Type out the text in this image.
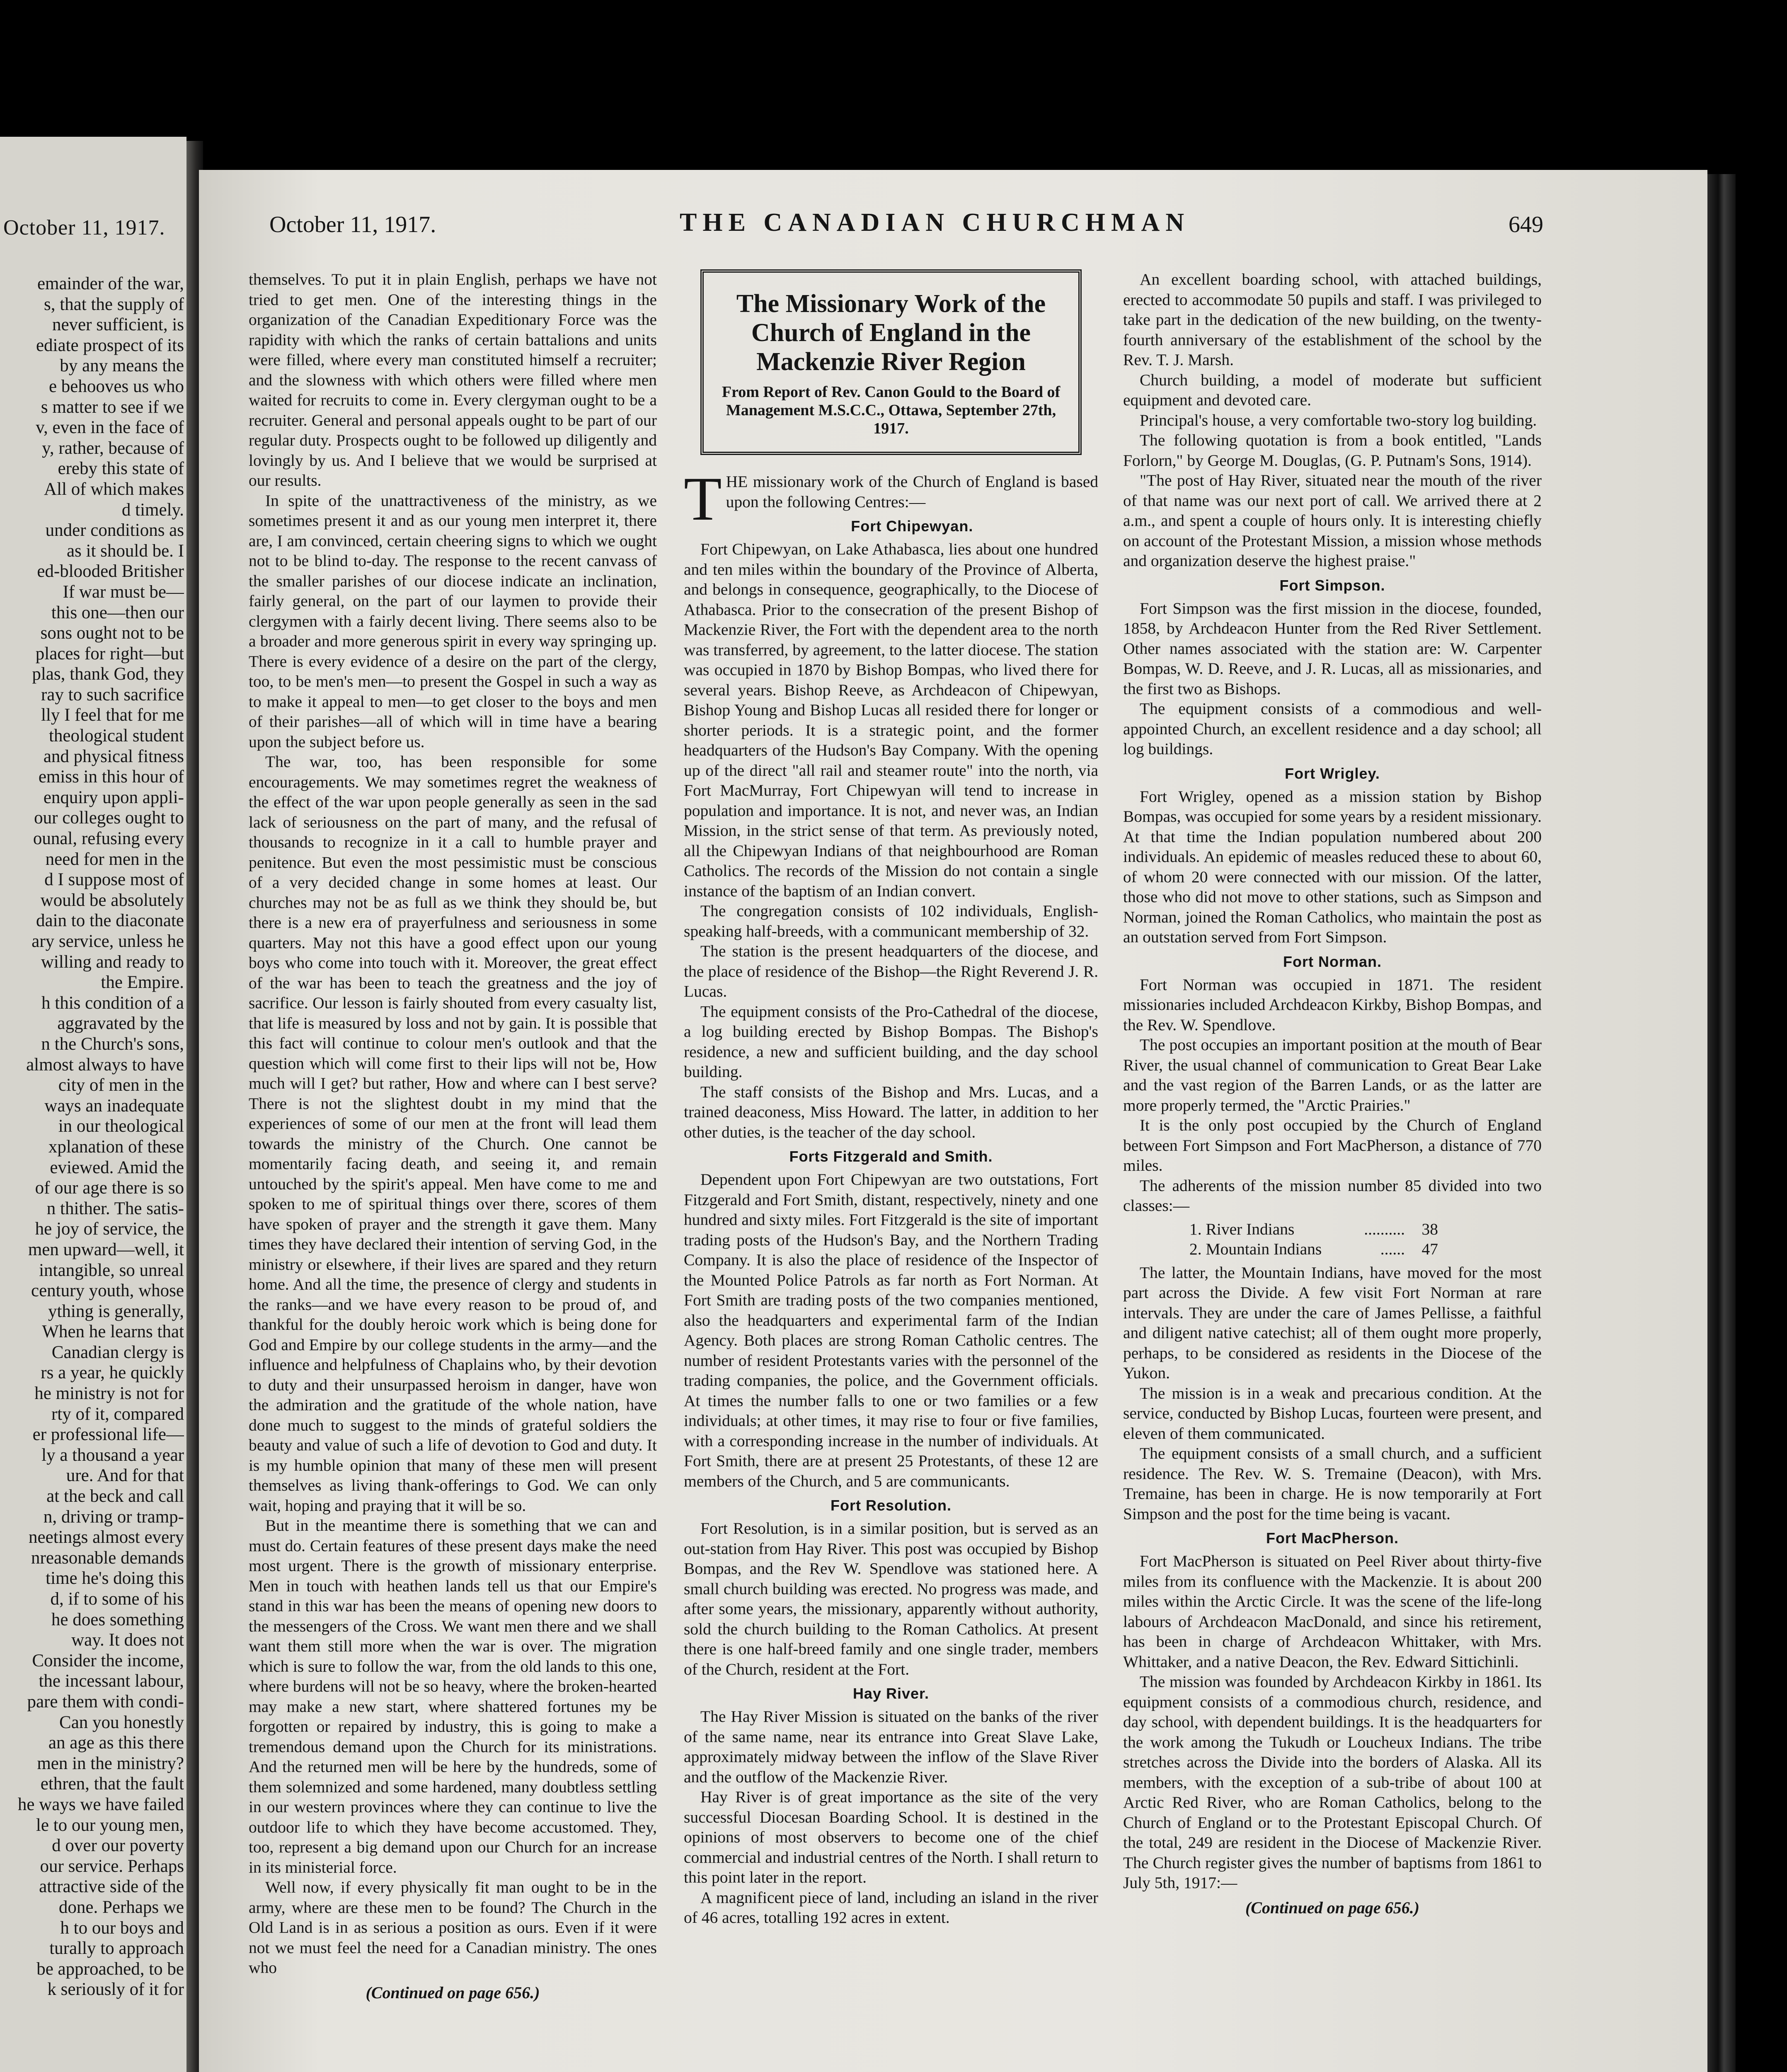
October 11, 1917.
emainder of the war,
s, that the supply of
never sufficient, is
ediate prospect of its
by any means the
e behooves us who
s matter to see if we
v, even in the face of
y, rather, because of
ereby this state of
All of which makes
d timely.
under conditions as
as it should be. I
ed-blooded Britisher
If war must be—
this one—then our
sons ought not to be
places for right—but
plas, thank God, they
ray to such sacrifice
lly I feel that for me
theological student
and physical fitness
emiss in this hour of
enquiry upon appli-
our colleges ought to
ounal, refusing every
need for men in the
d I suppose most of
would be absolutely
dain to the diaconate
ary service, unless he
willing and ready to
the Empire.
h this condition of a
aggravated by the
n the Church's sons,
almost always to have
city of men in the
ways an inadequate
in our theological
xplanation of these
eviewed. Amid the
of our age there is so
n thither. The satis-
he joy of service, the
men upward—well, it
intangible, so unreal
century youth, whose
ything is generally,
When he learns that
Canadian clergy is
rs a year, he quickly
he ministry is not for
rty of it, compared
er professional life—
ly a thousand a year
ure. And for that
at the beck and call
n, driving or tramp-
neetings almost every
nreasonable demands
time he's doing this
d, if to some of his
he does something
way. It does not
Consider the income,
the incessant labour,
pare them with condi-
Can you honestly
an age as this there
men in the ministry?
ethren, that the fault
he ways we have failed
le to our young men,
d over our poverty
our service. Perhaps
attractive side of the
done. Perhaps we
h to our boys and
turally to approach
be approached, to be
k seriously of it for
October 11, 1917.	THE CANADIAN CHURCHMAN	649

themselves. To put it in plain English, perhaps we have not tried to get men. One of the interesting things in the organization of the Canadian Expeditionary Force was the rapidity with which the ranks of certain battalions and units were filled, where every man constituted himself a recruiter; and the slowness with which others were filled where men waited for recruits to come in. Every clergyman ought to be a recruiter. General and personal appeals ought to be part of our regular duty. Prospects ought to be followed up diligently and lovingly by us. And I believe that we would be surprised at our results.

In spite of the unattractiveness of the ministry, as we sometimes present it and as our young men interpret it, there are, I am convinced, certain cheering signs to which we ought not to be blind to-day. The response to the recent canvass of the smaller parishes of our diocese indicate an inclination, fairly general, on the part of our laymen to provide their clergymen with a fairly decent living. There seems also to be a broader and more generous spirit in every way springing up. There is every evidence of a desire on the part of the clergy, too, to be men's men—to present the Gospel in such a way as to make it appeal to men—to get closer to the boys and men of their parishes—all of which will in time have a bearing upon the subject before us.

The war, too, has been responsible for some encouragements. We may sometimes regret the weakness of the effect of the war upon people generally as seen in the sad lack of seriousness on the part of many, and the refusal of thousands to recognize in it a call to humble prayer and penitence. But even the most pessimistic must be conscious of a very decided change in some homes at least. Our churches may not be as full as we think they should be, but there is a new era of prayerfulness and seriousness in some quarters. May not this have a good effect upon our young boys who come into touch with it. Moreover, the great effect of the war has been to teach the greatness and the joy of sacrifice. Our lesson is fairly shouted from every casualty list, that life is measured by loss and not by gain. It is possible that this fact will continue to colour men's outlook and that the question which will come first to their lips will not be, How much will I get? but rather, How and where can I best serve? There is not the slightest doubt in my mind that the experiences of some of our men at the front will lead them towards the ministry of the Church. One cannot be momentarily facing death, and seeing it, and remain untouched by the spirit's appeal. Men have come to me and spoken to me of spiritual things over there, scores of them have spoken of prayer and the strength it gave them. Many times they have declared their intention of serving God, in the ministry or elsewhere, if their lives are spared and they return home. And all the time, the presence of clergy and students in the ranks—and we have every reason to be proud of, and thankful for the doubly heroic work which is being done for God and Empire by our college students in the army—and the influence and helpfulness of Chaplains who, by their devotion to duty and their unsurpassed heroism in danger, have won the admiration and the gratitude of the whole nation, have done much to suggest to the minds of grateful soldiers the beauty and value of such a life of devotion to God and duty. It is my humble opinion that many of these men will present themselves as living thank-offerings to God. We can only wait, hoping and praying that it will be so.

But in the meantime there is something that we can and must do. Certain features of these present days make the need most urgent. There is the growth of missionary enterprise. Men in touch with heathen lands tell us that our Empire's stand in this war has been the means of opening new doors to the messengers of the Cross. We want men there and we shall want them still more when the war is over. The migration which is sure to follow the war, from the old lands to this one, where burdens will not be so heavy, where the broken-hearted may make a new start, where shattered fortunes my be forgotten or repaired by industry, this is going to make a tremendous demand upon the Church for its ministrations. And the returned men will be here by the hundreds, some of them solemnized and some hardened, many doubtless settling in our western provinces where they can continue to live the outdoor life to which they have become accustomed. They, too, represent a big demand upon our Church for an increase in its ministerial force.

Well now, if every physically fit man ought to be in the army, where are these men to be found? The Church in the Old Land is in as serious a position as ours. Even if it were not we must feel the need for a Canadian ministry. The ones who

(Continued on page 656.)
The Missionary Work of the Church of England in the Mackenzie River Region
From Report of Rev. Canon Gould to the Board of Management M.S.C.C., Ottawa, September 27th, 1917.

THE missionary work of the Church of England is based upon the following Centres:—

Fort Chipewyan.

Fort Chipewyan, on Lake Athabasca, lies about one hundred and ten miles within the boundary of the Province of Alberta, and belongs in consequence, geographically, to the Diocese of Athabasca. Prior to the consecration of the present Bishop of Mackenzie River, the Fort with the dependent area to the north was transferred, by agreement, to the latter diocese. The station was occupied in 1870 by Bishop Bompas, who lived there for several years. Bishop Reeve, as Archdeacon of Chipewyan, Bishop Young and Bishop Lucas all resided there for longer or shorter periods. It is a strategic point, and the former headquarters of the Hudson's Bay Company. With the opening up of the direct "all rail and steamer route" into the north, via Fort MacMurray, Fort Chipewyan will tend to increase in population and importance. It is not, and never was, an Indian Mission, in the strict sense of that term. As previously noted, all the Chipewyan Indians of that neighbourhood are Roman Catholics. The records of the Mission do not contain a single instance of the baptism of an Indian convert.

The congregation consists of 102 individuals, English-speaking half-breeds, with a communicant membership of 32.

The station is the present headquarters of the diocese, and the place of residence of the Bishop—the Right Reverend J. R. Lucas.

The equipment consists of the Pro-Cathedral of the diocese, a log building erected by Bishop Bompas. The Bishop's residence, a new and sufficient building, and the day school building.

The staff consists of the Bishop and Mrs. Lucas, and a trained deaconess, Miss Howard. The latter, in addition to her other duties, is the teacher of the day school.

Forts Fitzgerald and Smith.

Dependent upon Fort Chipewyan are two outstations, Fort Fitzgerald and Fort Smith, distant, respectively, ninety and one hundred and sixty miles. Fort Fitzgerald is the site of important trading posts of the Hudson's Bay, and the Northern Trading Company. It is also the place of residence of the Inspector of the Mounted Police Patrols as far north as Fort Norman. At Fort Smith are trading posts of the two companies mentioned, also the headquarters and experimental farm of the Indian Agency. Both places are strong Roman Catholic centres. The number of resident Protestants varies with the personnel of the trading companies, the police, and the Government officials. At times the number falls to one or two families or a few individuals; at other times, it may rise to four or five families, with a corresponding increase in the number of individuals. At Fort Smith, there are at present 25 Protestants, of these 12 are members of the Church, and 5 are communicants.

Fort Resolution.

Fort Resolution, is in a similar position, but is served as an out-station from Hay River. This post was occupied by Bishop Bompas, and the Rev W. Spendlove was stationed here. A small church building was erected. No progress was made, and after some years, the missionary, apparently without authority, sold the church building to the Roman Catholics. At present there is one half-breed family and one single trader, members of the Church, resident at the Fort.

Hay River.

The Hay River Mission is situated on the banks of the river of the same name, near its entrance into Great Slave Lake, approximately midway between the inflow of the Slave River and the outflow of the Mackenzie River.

Hay River is of great importance as the site of the very successful Diocesan Boarding School. It is destined in the opinions of most observers to become one of the chief commercial and industrial centres of the North. I shall return to this point later in the report.

A magnificent piece of land, including an island in the river of 46 acres, totalling 192 acres in extent.

An excellent boarding school, with attached buildings, erected to accommodate 50 pupils and staff. I was privileged to take part in the dedication of the new building, on the twenty-fourth anniversary of the establishment of the school by the Rev. T. J. Marsh.

Church building, a model of moderate but sufficient equipment and devoted care.

Principal's house, a very comfortable two-story log building.

The following quotation is from a book entitled, "Lands Forlorn," by George M. Douglas, (G. P. Putnam's Sons, 1914).

"The post of Hay River, situated near the mouth of the river of that name was our next port of call. We arrived there at 2 a.m., and spent a couple of hours only. It is interesting chiefly on account of the Protestant Mission, a mission whose methods and organization deserve the highest praise."

Fort Simpson.

Fort Simpson was the first mission in the diocese, founded, 1858, by Archdeacon Hunter from the Red River Settlement. Other names associated with the station are: W. Carpenter Bompas, W. D. Reeve, and J. R. Lucas, all as missionaries, and the first two as Bishops.

The equipment consists of a commodious and well-appointed Church, an excellent residence and a day school; all log buildings.

Fort Wrigley.

Fort Wrigley, opened as a mission station by Bishop Bompas, was occupied for some years by a resident missionary. At that time the Indian population numbered about 200 individuals. An epidemic of measles reduced these to about 60, of whom 20 were connected with our mission. Of the latter, those who did not move to other stations, such as Simpson and Norman, joined the Roman Catholics, who maintain the post as an outstation served from Fort Simpson.

Fort Norman.

Fort Norman was occupied in 1871. The resident missionaries included Archdeacon Kirkby, Bishop Bompas, and the Rev. W. Spendlove.

The post occupies an important position at the mouth of Bear River, the usual channel of communication to Great Bear Lake and the vast region of the Barren Lands, or as the latter are more properly termed, the "Arctic Prairies."

It is the only post occupied by the Church of England between Fort Simpson and Fort MacPherson, a distance of 770 miles.

The adherents of the mission number 85 divided into two classes:—

1. River Indians	..........	38
2. Mountain Indians	......	47

The latter, the Mountain Indians, have moved for the most part across the Divide. A few visit Fort Norman at rare intervals. They are under the care of James Pellisse, a faithful and diligent native catechist; all of them ought more properly, perhaps, to be considered as residents in the Diocese of the Yukon.

The mission is in a weak and precarious condition. At the service, conducted by Bishop Lucas, fourteen were present, and eleven of them communicated.

The equipment consists of a small church, and a sufficient residence. The Rev. W. S. Tremaine (Deacon), with Mrs. Tremaine, has been in charge. He is now temporarily at Fort Simpson and the post for the time being is vacant.

Fort MacPherson.

Fort MacPherson is situated on Peel River about thirty-five miles from its confluence with the Mackenzie. It is about 200 miles within the Arctic Circle. It was the scene of the life-long labours of Archdeacon MacDonald, and since his retirement, has been in charge of Archdeacon Whittaker, with Mrs. Whittaker, and a native Deacon, the Rev. Edward Sittichinli.

The mission was founded by Archdeacon Kirkby in 1861. Its equipment consists of a commodious church, residence, and day school, with dependent buildings. It is the headquarters for the work among the Tukudh or Loucheux Indians. The tribe stretches across the Divide into the borders of Alaska. All its members, with the exception of a sub-tribe of about 100 at Arctic Red River, who are Roman Catholics, belong to the Church of England or to the Protestant Episcopal Church. Of the total, 249 are resident in the Diocese of Mackenzie River. The Church register gives the number of baptisms from 1861 to July 5th, 1917:—

(Continued on page 656.)
